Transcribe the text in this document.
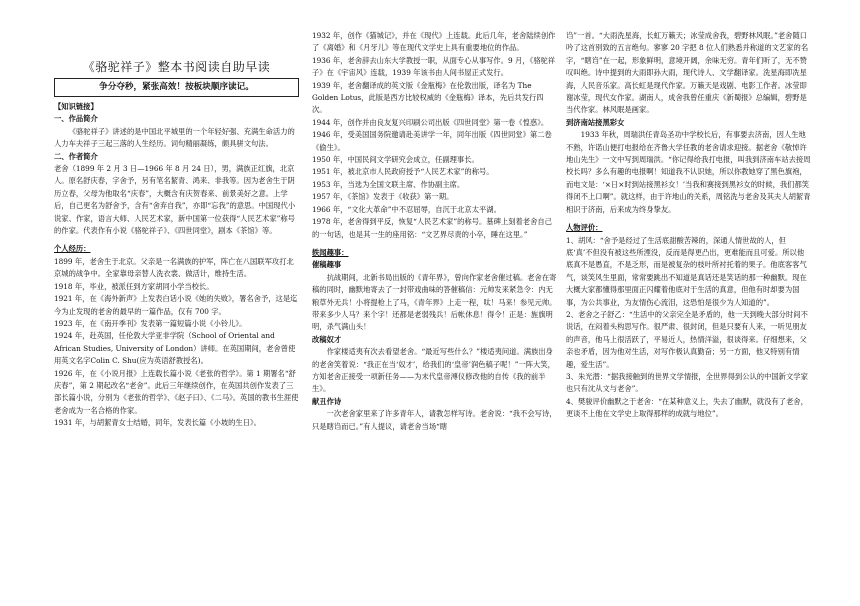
《骆驼祥子》整本书阅读自助早读
争分夺秒，紧张高效！按板块顺序读记。
【知识链接】
一、作品简介

《骆驼祥子》讲述的是中国北平城里的一个年轻好强、充满生命活力的人力车夫祥子三起三落的人生经历。词句精丽凝练，颇具骈文句法。

二、作者简介

老舍（1899 年 2 月 3 日—1966 年 8 月 24 日），男，满族正红旗，北京人。原名舒庆春，字舍予，另有笔名絜青、鸿来、非我等。因为老舍生于阴历立春，父母为他取名“庆春”，大概含有庆贺春来、前景美好之意。上学后，自己更名为舒舍予，含有“舍弃自我”，亦即“忘我”的意思。中国现代小说家、作家，语言大师、人民艺术家，新中国第一位获得“人民艺术家”称号的作家。代表作有小说《骆驼祥子》、《四世同堂》，剧本《茶馆》等。

个人经历：

1899 年，老舍生于北京。父亲是一名满族的护军，阵亡在八国联军攻打北京城的战争中。全家靠母亲替人洗衣裳、做活计，维持生活。

1918 年，毕业，被派任到方家胡同小学当校长。

1921 年，在《海外新声》上发表白话小说《她的失败》，署名舍予，这是迄今为止发现的老舍的最早的一篇作品，仅有 700 字。

1923 年，在《南开季刊》发表第一篇短篇小说《小铃儿》。

1924 年，赴英国，任伦敦大学亚非学院（School of Oriental and African Studies, University of London）讲师。在英国期间，老舍曾使用英文名字Colin C. Shu(应为英语舒教授名)。

1926 年，在《小说月报》上连载长篇小说《老张的哲学》。第 1 期署名“舒庆春”，第 2 期起改名“老舍”。此后三年继续创作，在英国共创作发表了三部长篇小说，分别为《老张的哲学》、《赵子曰》、《二马》。英国的教书生涯使老舍成为一名合格的作家。

1931 年，与胡絜青女士结婚，同年，发表长篇《小坡的生日》。

1932 年，创作《猫城记》，并在《现代》上连载。此后几年，老舍陆续创作了《离婚》和《月牙儿》等在现代文学史上具有重要地位的作品。

1936 年，老舍辞去山东大学教授一职，从面专心从事写作。9 月，《骆驼祥子》在《宇宙风》连载，1939 年该书由人间书屋正式发行。

1939 年，老舍翻译成的英文版《金瓶梅》在伦敦出版，译名为 The Golden Lotus，此版是西方比较权威的《金瓶梅》译本，先后共发行四次。

1944 年，创作并由良友复兴印刷公司出版《四世同堂》第一卷《惶惑》。

1946 年，受美国国务院邀请赴美讲学一年，同年出版《四世同堂》第二卷《偷生》。

1950 年，中国民间文学研究会成立，任副理事长。

1951 年，被北京市人民政府授予“人民艺术家”的称号。

1953 年，当选为全国文联主席、作协副主席。

1957 年，《茶馆》发表于《收获》第一期。

1966 年，“文化大革命”中不忍屈辱，自沉于北京太平湖。

1978 年，老舍得到平反，恢复“人民艺术家”的称号。墓碑上刻着老舍自己的一句话，也是其一生的座用铭：“文艺界尽责的小卒，睡在这里。”

轶闻趣事：
催稿趣事

抗战期间，北新书局出版的《青年界》，曾向作家老舍催过稿。老舍在寄稿的同时，幽默地寄去了一封带戏曲味的答催稿信：元帅发来紧急令：内无粮草外无兵！小将提枪上了马，《青年界》上走一程，呔！马来！参见元帅。带来多少人马？来个字！还都是老弱残兵！后帐休息！得令！正是：旌旗明明，杀气满山头！

改稿奴才

作家楼适夷有次去看望老舍。“最近写些什么？”楼适夷问道。满族出身的老舍笑着说：“我正在当‘奴才’，给我们的‘皇帝’润色稿子呢！”一阵大笑，方知老舍正接受一项新任务——为末代皇帝溥仪修改他的自传《我的前半生》。

献丑作诗

一次老舍家里来了许多青年人，请教怎样写诗。老舍说：“我不会写诗，只是瞎诌而已。”有人提议，请老舍当场“瞎

诌”一首。“大雨洗星海，长虹万籁天；冰莹成舍我，碧野林风眠。”老舍随口吟了这首别致的五言绝句。寥寥 20 字把 8 位人们熟悉并称道的文艺家的名字，“瞎诌”在一起，形象鲜明，意境开阔，余味无穷。青年们听了，无不赞叹叫绝。诗中提到的大雨即孙大雨，现代诗人、文学翻译家。洗星海即冼星海，人民音乐家。高长虹是现代作家。万籁天是戏剧、电影工作者。冰莹即谢冰莹，现代女作家。湖南人，成舍我曾任重庆《新蜀报》总编辑，碧野是当代作家。林风眠是画家。

到济南站接黑彩女

1933 年秋，周瑞洪任青岛圣功中学校长后，有事要去济南，因人生地不熟，许诺山便打电报给在齐鲁大学任教的老舍请求迎接。据老舍《敬悼许地山先生》一文中写到周瑞洪。“你记得给我打电报，叫我到济南车站去接周校长吗？多么有趣的电报啊！知道我不认识她，所以你教她穿了黑色旗袍，而电文是：‘×日×时到站接黑衫女！’当我和赛接到黑衫女的时候，我们都笑得闭不上口啊”。就这样，由于许地山的关系，周铭洗与老舍及其夫人胡絜青相识于济南，后来成为终身挚友。

人物评价：

1、胡风：“舍予是经过了生活底甜酸苦辣的，深通人情世故的人，但底‘真’不但没有被这些所湮没，反而是得更凸出，更难能而且可爱。所以他底真不是愚直，不是乏形，而是被复杂的枝叶所衬托着的果子。他底客客气气，谈笑风生里面，常常要跳出不知道是真话还是笑话的那一种幽默。现在大概大家都懂得那里面正闪耀着他底对于生活的真意，但他有时却要为国事，为公共事业，为友情伤心流泪，这恐怕是很少为人知道的”。

2、老舍之子舒乙：“生活中的父亲完全是矛盾的，他一天到晚大部分时间不说话，在闷着头构思写作。很严肃、很封闭，但是只要有人来，一听见朋友的声音，他马上很活跃了，平易近人，热情洋溢，很谈得来。仔细想来，父亲也矛盾，因为他对生活，对写作极认真勤奋；另一方面，他又特别有情趣，爱生活”。

3、朱光潜：“据我接触到的世界文学情报，全世界得到公认的中国新文学家也只有沈从文与老舍”。

4、樊骏评价幽默之于老舍：“在某种意义上，失去了幽默，就没有了老舍，更谈不上他在文学史上取得那样的成就与地位”。
